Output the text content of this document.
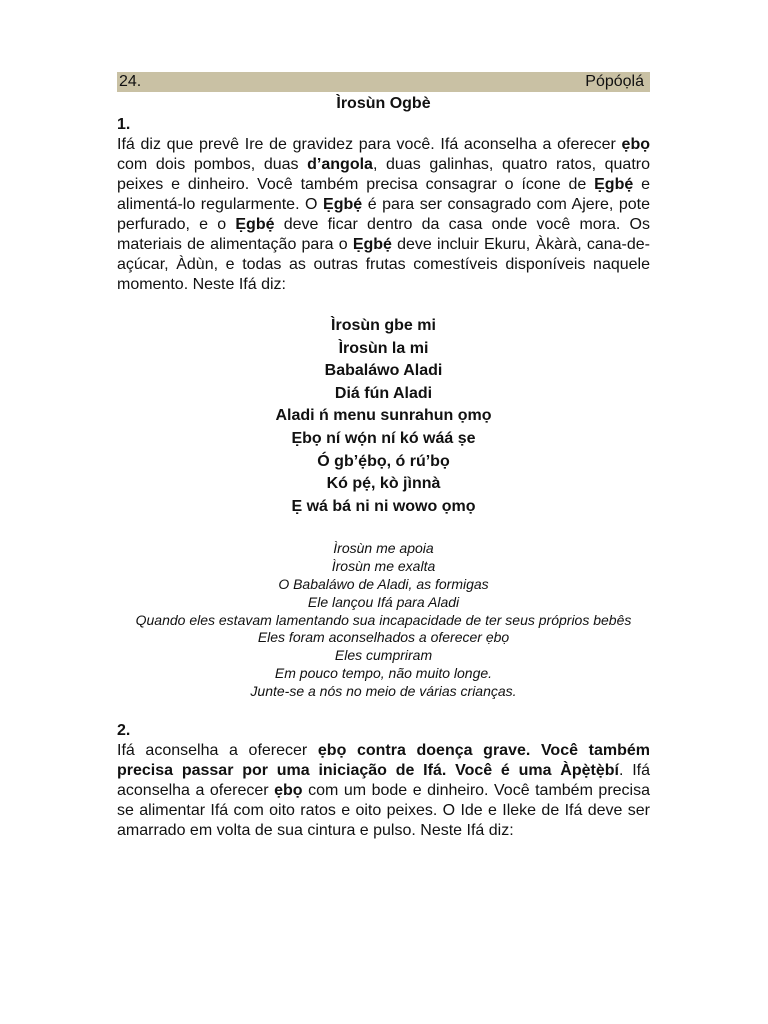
24.	Pópóọlá
Ìrosùn Ogbè
1.
Ifá diz que prevê Ire de gravidez para você. Ifá aconselha a oferecer ẹbọ com dois pombos, duas d’angola, duas galinhas, quatro ratos, quatro peixes e dinheiro. Você também precisa consagrar o ícone de Ẹgbẹ́ e alimentá-lo regularmente. O Ẹgbẹ́ é para ser consagrado com Ajere, pote perfurado, e o Ẹgbẹ́ deve ficar dentro da casa onde você mora. Os materiais de alimentação para o Ẹgbẹ́ deve incluir Ekuru, Àkàrà, cana-de-açúcar, Àdùn, e todas as outras frutas comestíveis disponíveis naquele momento. Neste Ifá diz:
Ìrosùn gbe mi
Ìrosùn la mi
Babaláwo Aladi
Diá fún Aladi
Aladi ń menu sunrahun ọmọ
Ẹbọ ní wọ́n ní kó wáá ṣe
Ó gb’ẹ́bọ, ó rú’bọ
Kó pẹ́, kò jìnnà
Ẹ wá bá ni ni wowo ọmọ
Ìrosùn me apoia
Ìrosùn me exalta
O Babaláwo de Aladi, as formigas
Ele lançou Ifá para Aladi
Quando eles estavam lamentando sua incapacidade de ter seus próprios bebês
Eles foram aconselhados a oferecer ẹbọ
Eles cumpriram
Em pouco tempo, não muito longe.
Junte-se a nós no meio de várias crianças.
2.
Ifá aconselha a oferecer ẹbọ contra doença grave. Você também precisa passar por uma iniciação de Ifá. Você é uma Àpẹ̀tẹ̀bí. Ifá aconselha a oferecer ẹbọ com um bode e dinheiro. Você também precisa se alimentar Ifá com oito ratos e oito peixes. O Ide e Ileke de Ifá deve ser amarrado em volta de sua cintura e pulso. Neste Ifá diz:
